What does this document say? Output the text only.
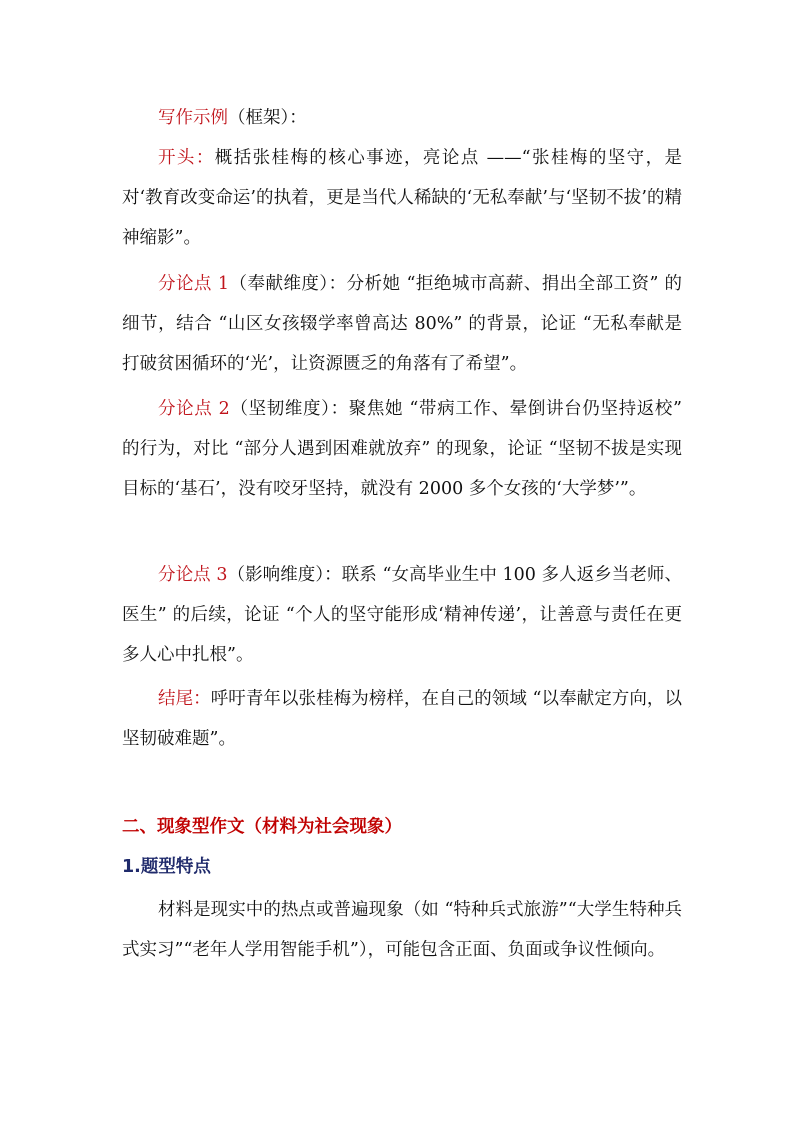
写作示例（框架）：

开头：概括张桂梅的核心事迹，亮论点 ——“张桂梅的坚守，是对‘教育改变命运’的执着，更是当代人稀缺的‘无私奉献’与‘坚韧不拔’的精神缩影”。

分论点 1（奉献维度）：分析她 “拒绝城市高薪、捐出全部工资” 的细节，结合 “山区女孩辍学率曾高达 80%” 的背景，论证 “无私奉献是打破贫困循环的‘光’，让资源匮乏的角落有了希望”。

分论点 2（坚韧维度）：聚焦她 “带病工作、晕倒讲台仍坚持返校” 的行为，对比 “部分人遇到困难就放弃” 的现象，论证 “坚韧不拔是实现目标的‘基石’，没有咬牙坚持，就没有 2000 多个女孩的‘大学梦’”。

分论点 3（影响维度）：联系 “女高毕业生中 100 多人返乡当老师、医生” 的后续，论证 “个人的坚守能形成‘精神传递’，让善意与责任在更多人心中扎根”。

结尾：呼吁青年以张桂梅为榜样，在自己的领域 “以奉献定方向，以坚韧破难题”。

二、现象型作文（材料为社会现象）
1.题型特点

材料是现实中的热点或普遍现象（如 “特种兵式旅游”“大学生特种兵式实习”“老年人学用智能手机”），可能包含正面、负面或争议性倾向。
